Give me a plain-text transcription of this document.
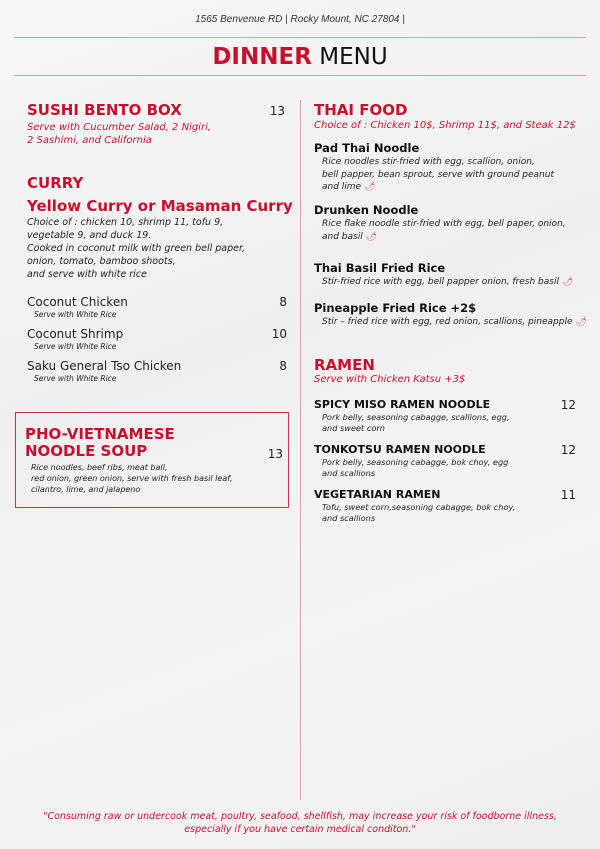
1565 Benvenue RD | Rocky Mount, NC 27804 |
DINNER MENU
SUSHI BENTO BOX	13
Serve with Cucumber Salad, 2 Nigiri,
2 Sashimi, and California
CURRY
Yellow Curry or Masaman Curry
Choice of : chicken 10, shrimp 11, tofu 9,
vegetable 9, and duck 19.
Cooked in coconut milk with green bell paper,
onion, tomato, bamboo shoots,
and serve with white rice
Coconut Chicken
Serve with White Rice
8
Coconut Shrimp
Serve with White Rice
10
Saku General Tso Chicken
Serve with White Rice
8
PHO-VIETNAMESE
NOODLE SOUP	13
Rice noodles, beef ribs, meat ball,
red onion, green onion, serve with fresh basil leaf,
cilantro, lime, and jalapeno
THAI FOOD
Choice of : Chicken 10$, Shrimp 11$, and Steak 12$
Pad Thai Noodle
Rice noodles stir-fried with egg, scallion, onion,
bell papper, bean sprout, serve with ground peanut
and lime 🌶︎
Drunken Noodle
Rice flake noodle stir-fried with egg, bell paper, onion,
and basil 🌶︎
Thai Basil Fried Rice
Stir-fried rice with egg, bell papper onion, fresh basil 🌶︎
Pineapple Fried Rice +2$
Stir – fried rice with egg, red onion, scallions, pineapple 🌶︎
RAMEN
Serve with Chicken Katsu +3$
SPICY MISO RAMEN NOODLE
Pork belly, seasoning cabagge, scallions, egg,
and sweet corn
12
TONKOTSU RAMEN NOODLE
Pork belly, seasoning cabagge, bok choy, egg
and scallions
12
VEGETARIAN RAMEN
Tofu, sweet corn,seasoning cabagge, bok choy,
and scallions
11
"Consuming raw or undercook meat, poultry, seafood, shellfish, may increase your risk of foodborne illness,
especially if you have certain medical conditon."
